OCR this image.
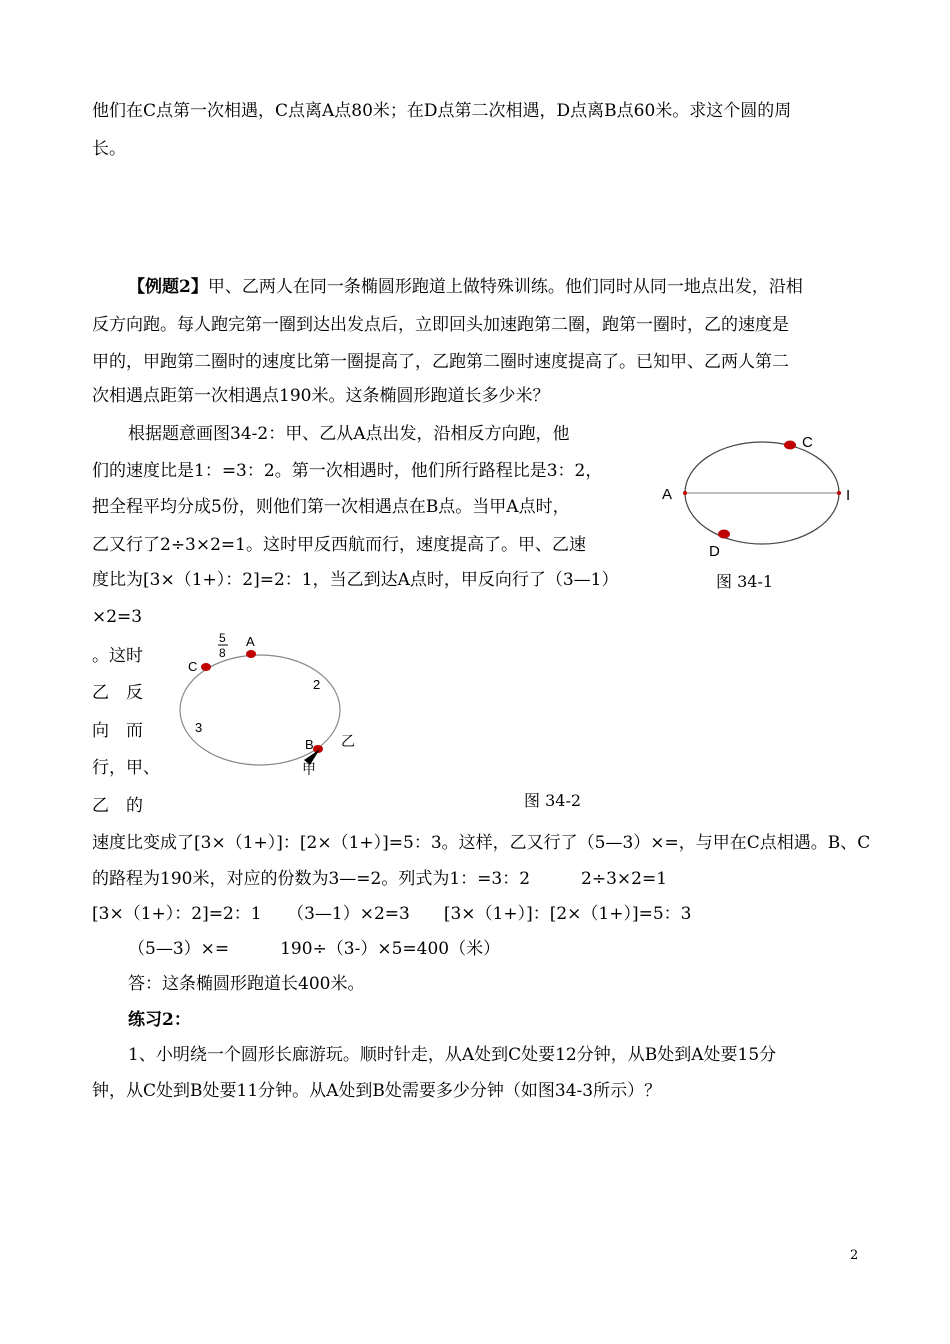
他们在C点第一次相遇，C点离A点80米；在D点第二次相遇，D点离B点60米。求这个圆的周
长。
【例题2】甲、乙两人在同一条椭圆形跑道上做特殊训练。他们同时从同一地点出发，沿相
反方向跑。每人跑完第一圈到达出发点后，立即回头加速跑第二圈，跑第一圈时，乙的速度是
甲的，甲跑第二圈时的速度比第一圈提高了，乙跑第二圈时速度提高了。已知甲、乙两人第二
次相遇点距第一次相遇点190米。这条椭圆形跑道长多少米？
根据题意画图34-2：甲、乙从A点出发，沿相反方向跑，他
们的速度比是1：=3：2。第一次相遇时，他们所行路程比是3：2，
把全程平均分成5份，则他们第一次相遇点在B点。当甲A点时，
乙又行了2÷3×2=1。这时甲反西航而行，速度提高了。甲、乙速
度比为[3×（1+）：2]=2：1，当乙到达A点时，甲反向行了（3—1）
×2=3
。这时
乙　反
向　而
行，甲、
乙　的
速度比变成了[3×（1+）]：[2×（1+）]=5：3。这样，乙又行了（5—3）×=，与甲在C点相遇。B、C
的路程为190米，对应的份数为3—=2。列式为1：=3：2　　　2÷3×2=1
[3×（1+）：2]=2：1　　（3—1）×2=3　　[3×（1+）]：[2×（1+）]=5：3
（5—3）×=　　　190÷（3-）×5=400（米）
答：这条椭圆形跑道长400米。
练习2：
1、小明绕一个圆形长廊游玩。顺时针走，从A处到C处要12分钟，从B处到A处要15分
钟，从C处到B处要11分钟。从A处到B处需要多少分钟（如图34-3所示）？
A
C
D
I
图 34-1
5
8
A
C
2
3
B 乙
甲
图 34-2
2
